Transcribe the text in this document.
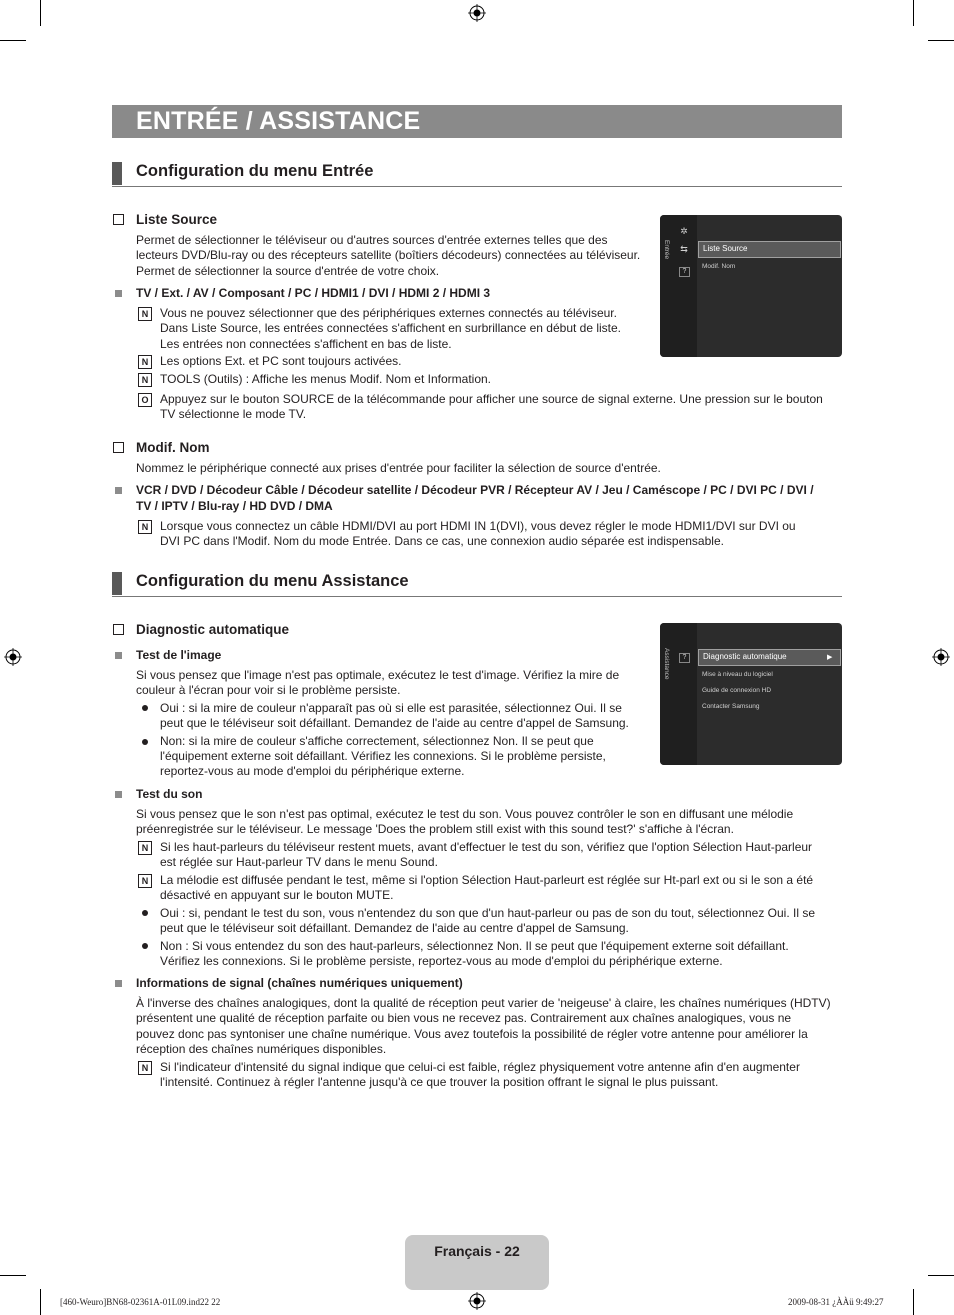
ENTRÉE / ASSISTANCE
Configuration du menu Entrée
Liste Source
Permet de sélectionner le téléviseur ou d'autres sources d'entrée externes telles que des
lecteurs DVD/Blu-ray ou des récepteurs satellite (boîtiers décodeurs) connectées au téléviseur.
Permet de sélectionner la source d'entrée de votre choix.
TV / Ext. / AV / Composant / PC / HDMI1 / DVI / HDMI 2 / HDMI 3
N Vous ne pouvez sélectionner que des périphériques externes connectés au téléviseur.
Dans Liste Source, les entrées connectées s'affichent en surbrillance en début de liste.
Les entrées non connectées s'affichent en bas de liste.
N Les options Ext. et PC sont toujours activées.
N TOOLS (Outils) : Affiche les menus Modif. Nom et Information.
O Appuyez sur le bouton SOURCE de la télécommande pour afficher une source de signal externe. Une pression sur le bouton
TV sélectionne le mode TV.
Entrée
✲
⇆
?
Liste Source
Modif. Nom
Modif. Nom
Nommez le périphérique connecté aux prises d'entrée pour faciliter la sélection de source d'entrée.
VCR / DVD / Décodeur Câble / Décodeur satellite / Décodeur PVR / Récepteur AV / Jeu / Caméscope / PC / DVI PC / DVI /
TV / IPTV / Blu-ray / HD DVD / DMA
N Lorsque vous connectez un câble HDMI/DVI au port HDMI IN 1(DVI), vous devez régler le mode HDMI1/DVI sur DVI ou
DVI PC dans l'Modif. Nom du mode Entrée. Dans ce cas, une connexion audio séparée est indispensable.
Configuration du menu Assistance
Diagnostic automatique
Test de l'image
Si vous pensez que l'image n'est pas optimale, exécutez le test d'image. Vérifiez la mire de
couleur à l'écran pour voir si le problème persiste.
Oui : si la mire de couleur n'apparaît pas où si elle est parasitée, sélectionnez Oui. Il se
peut que le téléviseur soit défaillant. Demandez de l'aide au centre d'appel de Samsung.
Non: si la mire de couleur s'affiche correctement, sélectionnez Non. Il se peut que
l'équipement externe soit défaillant. Vérifiez les connexions. Si le problème persiste,
reportez-vous au mode d'emploi du périphérique externe.
Assistance	?	Diagnostic automatique	▶
Mise à niveau du logiciel
Guide de connexion HD
Contacter Samsung
Test du son
Si vous pensez que le son n'est pas optimal, exécutez le test du son. Vous pouvez contrôler le son en diffusant une mélodie
préenregistrée sur le téléviseur. Le message 'Does the problem still exist with this sound test?' s'affiche à l'écran.
N Si les haut-parleurs du téléviseur restent muets, avant d'effectuer le test du son, vérifiez que l'option Sélection Haut-parleur
est réglée sur Haut-parleur TV dans le menu Sound.
N La mélodie est diffusée pendant le test, même si l'option Sélection Haut-parleurt est réglée sur Ht-parl ext ou si le son a été
désactivé en appuyant sur le bouton MUTE.
Oui : si, pendant le test du son, vous n'entendez du son que d'un haut-parleur ou pas de son du tout, sélectionnez Oui. Il se
peut que le téléviseur soit défaillant. Demandez de l'aide au centre d'appel de Samsung.
Non : Si vous entendez du son des haut-parleurs, sélectionnez Non. Il se peut que l'équipement externe soit défaillant.
Vérifiez les connexions. Si le problème persiste, reportez-vous au mode d'emploi du périphérique externe.
Informations de signal (chaînes numériques uniquement)
À l'inverse des chaînes analogiques, dont la qualité de réception peut varier de 'neigeuse' à claire, les chaînes numériques (HDTV)
présentent une qualité de réception parfaite ou bien vous ne recevez pas. Contrairement aux chaînes analogiques, vous ne
pouvez donc pas syntoniser une chaîne numérique. Vous avez toutefois la possibilité de régler votre antenne pour améliorer la
réception des chaînes numériques disponibles.
N Si l'indicateur d'intensité du signal indique que celui-ci est faible, réglez physiquement votre antenne afin d'en augmenter
l'intensité. Continuez à régler l'antenne jusqu'à ce que trouver la position offrant le signal le plus puissant.
Français - 22
[460-Weuro]BN68-02361A-01L09.ind22 22	2009-08-31 ¿ÀÀü 9:49:27
